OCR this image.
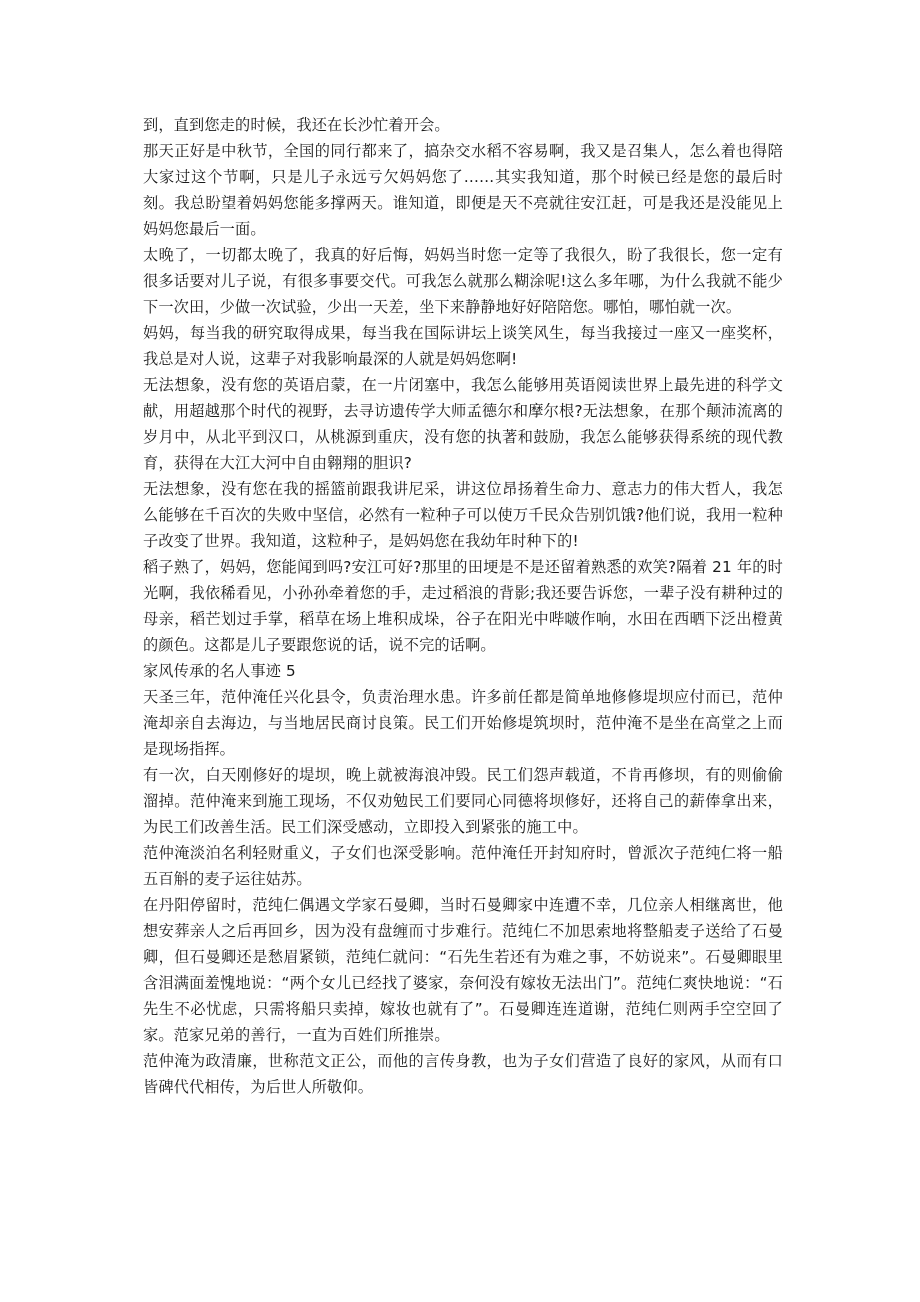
到，直到您走的时候，我还在长沙忙着开会。

那天正好是中秋节，全国的同行都来了，搞杂交水稻不容易啊，我又是召集人，怎么着也得陪大家过这个节啊，只是儿子永远亏欠妈妈您了……其实我知道，那个时候已经是您的最后时刻。我总盼望着妈妈您能多撑两天。谁知道，即便是天不亮就往安江赶，可是我还是没能见上妈妈您最后一面。

太晚了，一切都太晚了，我真的好后悔，妈妈当时您一定等了我很久，盼了我很长，您一定有很多话要对儿子说，有很多事要交代。可我怎么就那么糊涂呢!这么多年哪，为什么我就不能少下一次田，少做一次试验，少出一天差，坐下来静静地好好陪陪您。哪怕，哪怕就一次。

妈妈，每当我的研究取得成果，每当我在国际讲坛上谈笑风生，每当我接过一座又一座奖杯，我总是对人说，这辈子对我影响最深的人就是妈妈您啊!

无法想象，没有您的英语启蒙，在一片闭塞中，我怎么能够用英语阅读世界上最先进的科学文献，用超越那个时代的视野，去寻访遗传学大师孟德尔和摩尔根?无法想象，在那个颠沛流离的岁月中，从北平到汉口，从桃源到重庆，没有您的执著和鼓励，我怎么能够获得系统的现代教育，获得在大江大河中自由翱翔的胆识?

无法想象，没有您在我的摇篮前跟我讲尼采，讲这位昂扬着生命力、意志力的伟大哲人，我怎么能够在千百次的失败中坚信，必然有一粒种子可以使万千民众告别饥饿?他们说，我用一粒种子改变了世界。我知道，这粒种子，是妈妈您在我幼年时种下的!

稻子熟了，妈妈，您能闻到吗?安江可好?那里的田埂是不是还留着熟悉的欢笑?隔着 21 年的时光啊，我依稀看见，小孙孙牵着您的手，走过稻浪的背影;我还要告诉您，一辈子没有耕种过的母亲，稻芒划过手掌，稻草在场上堆积成垛，谷子在阳光中哔啵作响，水田在西晒下泛出橙黄的颜色。这都是儿子要跟您说的话，说不完的话啊。

家风传承的名人事迹 5

天圣三年，范仲淹任兴化县令，负责治理水患。许多前任都是简单地修修堤坝应付而已，范仲淹却亲自去海边，与当地居民商讨良策。民工们开始修堤筑坝时，范仲淹不是坐在高堂之上而是现场指挥。

有一次，白天刚修好的堤坝，晚上就被海浪冲毁。民工们怨声载道，不肯再修坝，有的则偷偷溜掉。范仲淹来到施工现场，不仅劝勉民工们要同心同德将坝修好，还将自己的薪俸拿出来，为民工们改善生活。民工们深受感动，立即投入到紧张的施工中。

范仲淹淡泊名利轻财重义，子女们也深受影响。范仲淹任开封知府时，曾派次子范纯仁将一船五百斛的麦子运往姑苏。

在丹阳停留时，范纯仁偶遇文学家石曼卿，当时石曼卿家中连遭不幸，几位亲人相继离世，他想安葬亲人之后再回乡，因为没有盘缠而寸步难行。范纯仁不加思索地将整船麦子送给了石曼卿，但石曼卿还是愁眉紧锁，范纯仁就问：“石先生若还有为难之事，不妨说来”。石曼卿眼里含泪满面羞愧地说：“两个女儿已经找了婆家，奈何没有嫁妆无法出门”。范纯仁爽快地说：“石先生不必忧虑，只需将船只卖掉，嫁妆也就有了”。石曼卿连连道谢，范纯仁则两手空空回了家。范家兄弟的善行，一直为百姓们所推崇。

范仲淹为政清廉，世称范文正公，而他的言传身教，也为子女们营造了良好的家风，从而有口皆碑代代相传，为后世人所敬仰。
